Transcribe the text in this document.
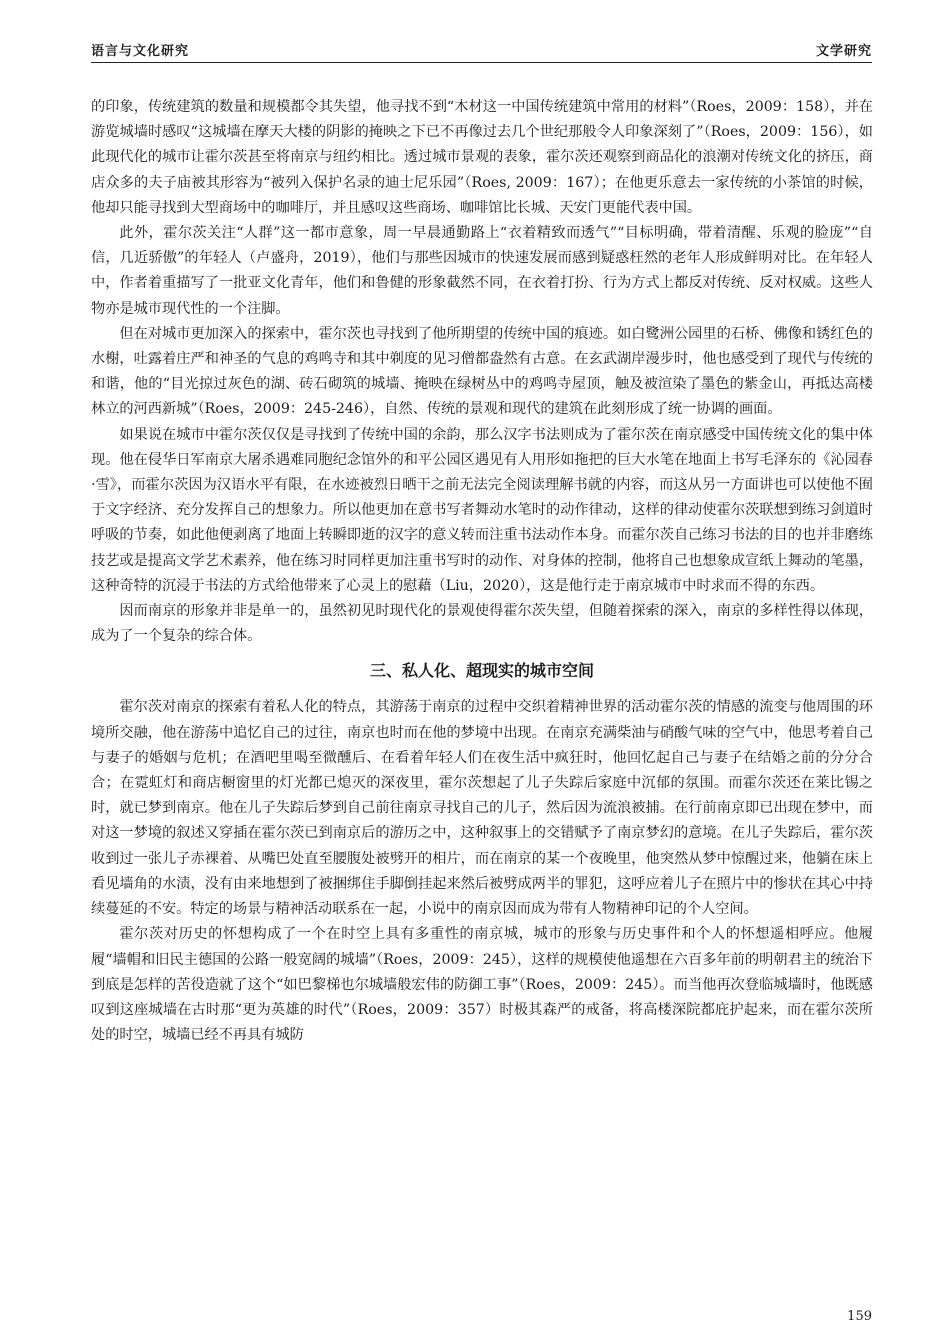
语言与文化研究	文学研究

的印象，传统建筑的数量和规模都令其失望，他寻找不到“木材这一中国传统建筑中常用的材料”（Roes，2009：158），并在游览城墙时感叹“这城墙在摩天大楼的阴影的掩映之下已不再像过去几个世纪那般令人印象深刻了”（Roes，2009：156），如此现代化的城市让霍尔茨甚至将南京与纽约相比。透过城市景观的表象，霍尔茨还观察到商品化的浪潮对传统文化的挤压，商店众多的夫子庙被其形容为“被列入保护名录的迪士尼乐园”（Roes, 2009：167）；在他更乐意去一家传统的小茶馆的时候，他却只能寻找到大型商场中的咖啡厅，并且感叹这些商场、咖啡馆比长城、天安门更能代表中国。

此外，霍尔茨关注“人群”这一都市意象，周一早晨通勤路上“衣着精致而透气”“目标明确，带着清醒、乐观的脸庞”“自信，几近骄傲”的年轻人（卢盛舟，2019），他们与那些因城市的快速发展而感到疑惑枉然的老年人形成鲜明对比。在年轻人中，作者着重描写了一批亚文化青年，他们和鲁健的形象截然不同，在衣着打扮、行为方式上都反对传统、反对权威。这些人物亦是城市现代性的一个注脚。

但在对城市更加深入的探索中，霍尔茨也寻找到了他所期望的传统中国的痕迹。如白鹭洲公园里的石桥、佛像和锈红色的水榭，吐露着庄严和神圣的气息的鸡鸣寺和其中剃度的见习僧都盎然有古意。在玄武湖岸漫步时，他也感受到了现代与传统的和谐，他的“目光掠过灰色的湖、砖石砌筑的城墙、掩映在绿树丛中的鸡鸣寺屋顶，触及被渲染了墨色的紫金山，再抵达高楼林立的河西新城”（Roes，2009：245-246），自然、传统的景观和现代的建筑在此刻形成了统一协调的画面。

如果说在城市中霍尔茨仅仅是寻找到了传统中国的余韵，那么汉字书法则成为了霍尔茨在南京感受中国传统文化的集中体现。他在侵华日军南京大屠杀遇难同胞纪念馆外的和平公园区遇见有人用形如拖把的巨大水笔在地面上书写毛泽东的《沁园春·雪》，而霍尔茨因为汉语水平有限，在水迹被烈日晒干之前无法完全阅读理解书就的内容，而这从另一方面讲也可以使他不囿于文字经济、充分发挥自己的想象力。所以他更加在意书写者舞动水笔时的动作律动，这样的律动使霍尔茨联想到练习剑道时呼吸的节奏，如此他便剥离了地面上转瞬即逝的汉字的意义转而注重书法动作本身。而霍尔茨自己练习书法的目的也并非磨练技艺或是提高文学艺术素养，他在练习时同样更加注重书写时的动作、对身体的控制，他将自己也想象成宣纸上舞动的笔墨，这种奇特的沉浸于书法的方式给他带来了心灵上的慰藉（Liu，2020），这是他行走于南京城市中时求而不得的东西。

因而南京的形象并非是单一的，虽然初见时现代化的景观使得霍尔茨失望，但随着探索的深入，南京的多样性得以体现，成为了一个复杂的综合体。

三、私人化、超现实的城市空间

霍尔茨对南京的探索有着私人化的特点，其游荡于南京的过程中交织着精神世界的活动霍尔茨的情感的流变与他周围的环境所交融，他在游荡中追忆自己的过往，南京也时而在他的梦境中出现。在南京充满柴油与硝酸气味的空气中，他思考着自己与妻子的婚姻与危机；在酒吧里喝至微醺后、在看着年轻人们在夜生活中疯狂时，他回忆起自己与妻子在结婚之前的分分合合；在霓虹灯和商店橱窗里的灯光都已熄灭的深夜里，霍尔茨想起了儿子失踪后家庭中沉郁的氛围。而霍尔茨还在莱比锡之时，就已梦到南京。他在儿子失踪后梦到自己前往南京寻找自己的儿子，然后因为流浪被捕。在行前南京即已出现在梦中，而对这一梦境的叙述又穿插在霍尔茨已到南京后的游历之中，这种叙事上的交错赋予了南京梦幻的意境。在儿子失踪后，霍尔茨收到过一张儿子赤裸着、从嘴巴处直至腰腹处被劈开的相片，而在南京的某一个夜晚里，他突然从梦中惊醒过来，他躺在床上看见墙角的水渍，没有由来地想到了被捆绑住手脚倒挂起来然后被劈成两半的罪犯，这呼应着儿子在照片中的惨状在其心中持续蔓延的不安。特定的场景与精神活动联系在一起，小说中的南京因而成为带有人物精神印记的个人空间。

霍尔茨对历史的怀想构成了一个在时空上具有多重性的南京城，城市的形象与历史事件和个人的怀想遥相呼应。他履履“墙帽和旧民主德国的公路一般宽阔的城墙”（Roes，2009：245），这样的规模使他遥想在六百多年前的明朝君主的统治下到底是怎样的苦役造就了这个“如巴黎梯也尔城墙般宏伟的防御工事”（Roes，2009：245）。而当他再次登临城墙时，他既感叹到这座城墙在古时那“更为英雄的时代”（Roes，2009：357）时极其森严的戒备，将高楼深院都庇护起来，而在霍尔茨所处的时空，城墙已经不再具有城防

159
